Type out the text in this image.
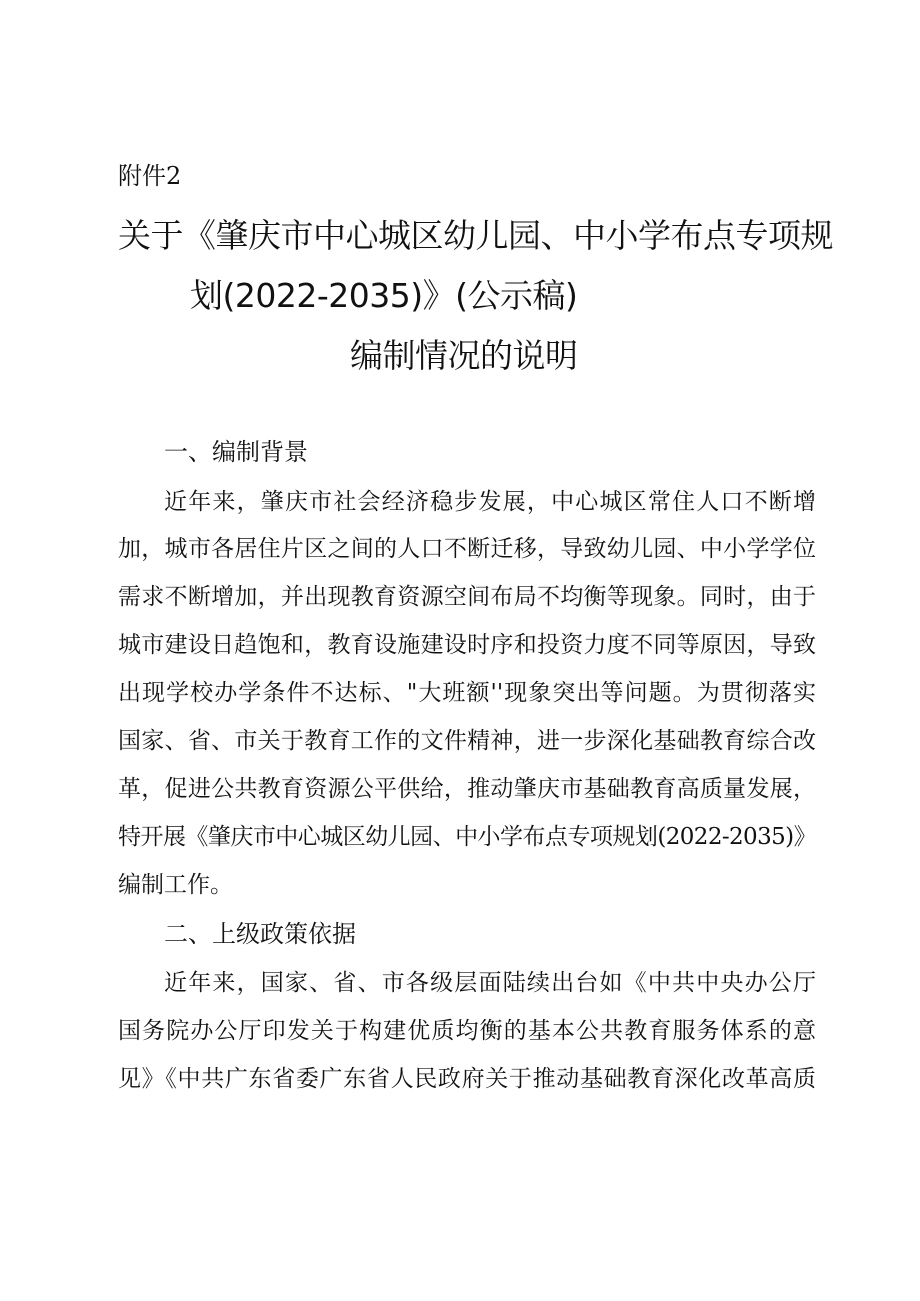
附件2
关于《肇庆市中心城区幼儿园、中小学布点专项规
划(2022-2035)》(公示稿)
编制情况的说明
一、编制背景
近年来，肇庆市社会经济稳步发展，中心城区常住人口不断增
加，城市各居住片区之间的人口不断迁移，导致幼儿园、中小学学位
需求不断增加，并出现教育资源空间布局不均衡等现象。同时，由于
城市建设日趋饱和，教育设施建设时序和投资力度不同等原因，导致
出现学校办学条件不达标、"大班额''现象突出等问题。为贯彻落实
国家、省、市关于教育工作的文件精神，进一步深化基础教育综合改
革，促进公共教育资源公平供给，推动肇庆市基础教育高质量发展，
特开展《肇庆市中心城区幼儿园、中小学布点专项规划(2022-2035)》
编制工作。
二、上级政策依据
近年来，国家、省、市各级层面陆续出台如《中共中央办公厅
国务院办公厅印发关于构建优质均衡的基本公共教育服务体系的意
见》《中共广东省委广东省人民政府关于推动基础教育深化改革高质
